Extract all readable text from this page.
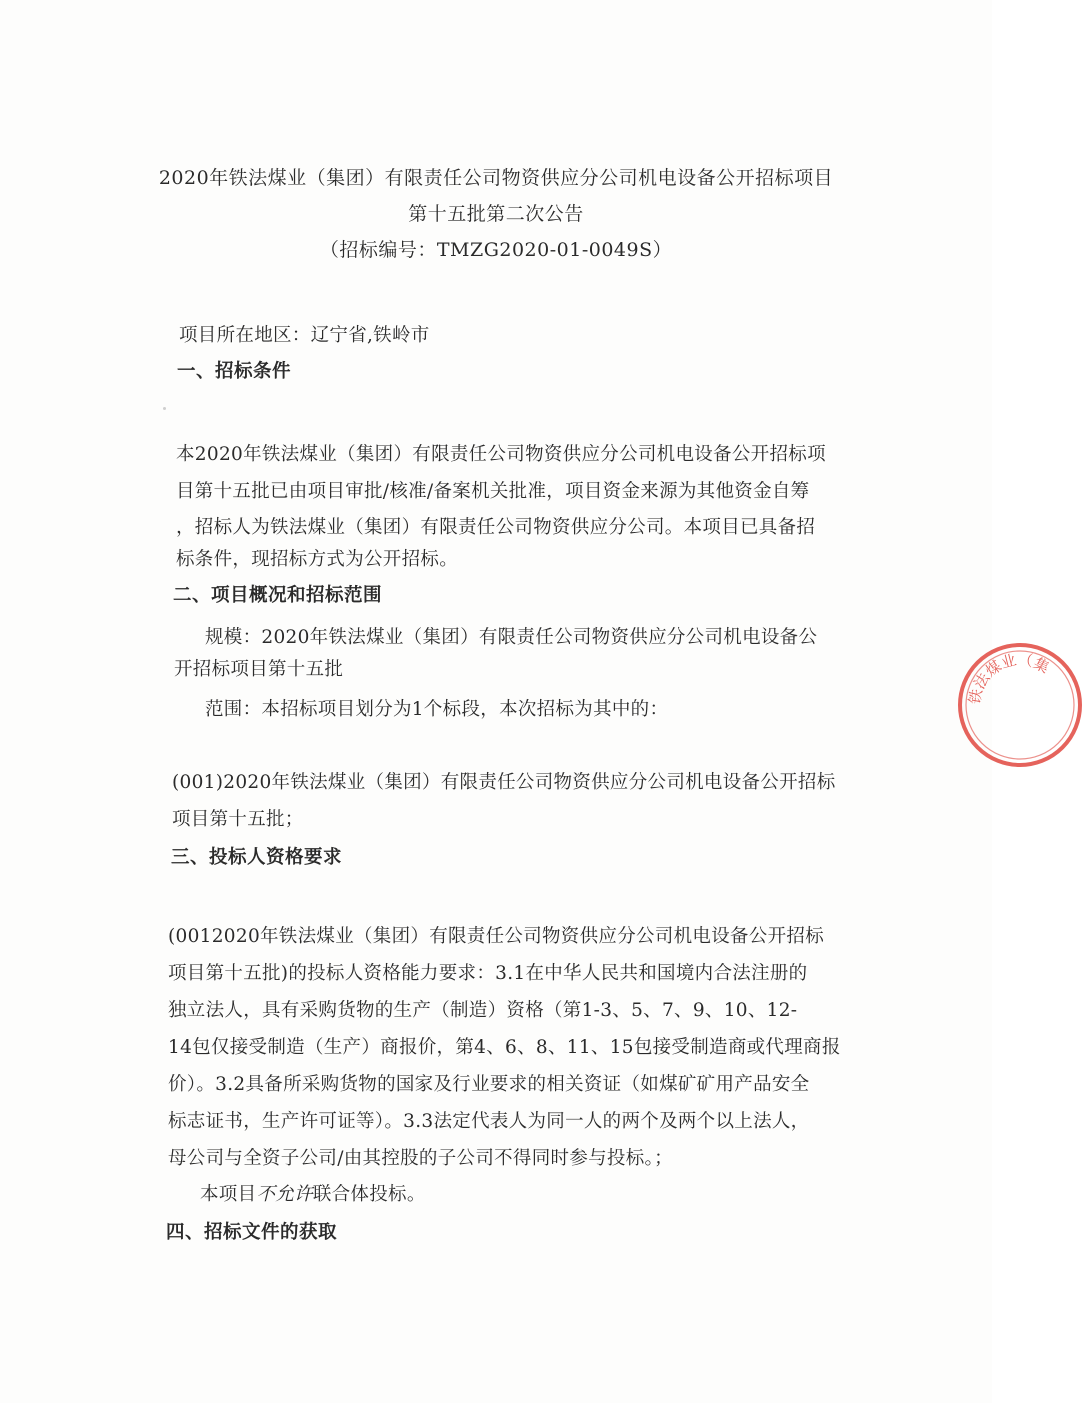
2020年铁法煤业（集团）有限责任公司物资供应分公司机电设备公开招标项目
第十五批第二次公告
（招标编号：TMZG2020-01-0049S）
项目所在地区：辽宁省,铁岭市
一、招标条件
本2020年铁法煤业（集团）有限责任公司物资供应分公司机电设备公开招标项
目第十五批已由项目审批/核准/备案机关批准，项目资金来源为其他资金自筹
，招标人为铁法煤业（集团）有限责任公司物资供应分公司。本项目已具备招
标条件，现招标方式为公开招标。
二、项目概况和招标范围
规模：2020年铁法煤业（集团）有限责任公司物资供应分公司机电设备公
开招标项目第十五批
范围：本招标项目划分为1个标段，本次招标为其中的：
(001)2020年铁法煤业（集团）有限责任公司物资供应分公司机电设备公开招标
项目第十五批；
三、投标人资格要求
(0012020年铁法煤业（集团）有限责任公司物资供应分公司机电设备公开招标
项目第十五批)的投标人资格能力要求：3.1在中华人民共和国境内合法注册的
独立法人，具有采购货物的生产（制造）资格（第1-3、5、7、9、10、12-
14包仅接受制造（生产）商报价，第4、6、8、11、15包接受制造商或代理商报
价）。3.2具备所采购货物的国家及行业要求的相关资证（如煤矿矿用产品安全
标志证书，生产许可证等）。3.3法定代表人为同一人的两个及两个以上法人，
母公司与全资子公司/由其控股的子公司不得同时参与投标。；
本项目不允许联合体投标。
四、招标文件的获取
铁法煤业（集
